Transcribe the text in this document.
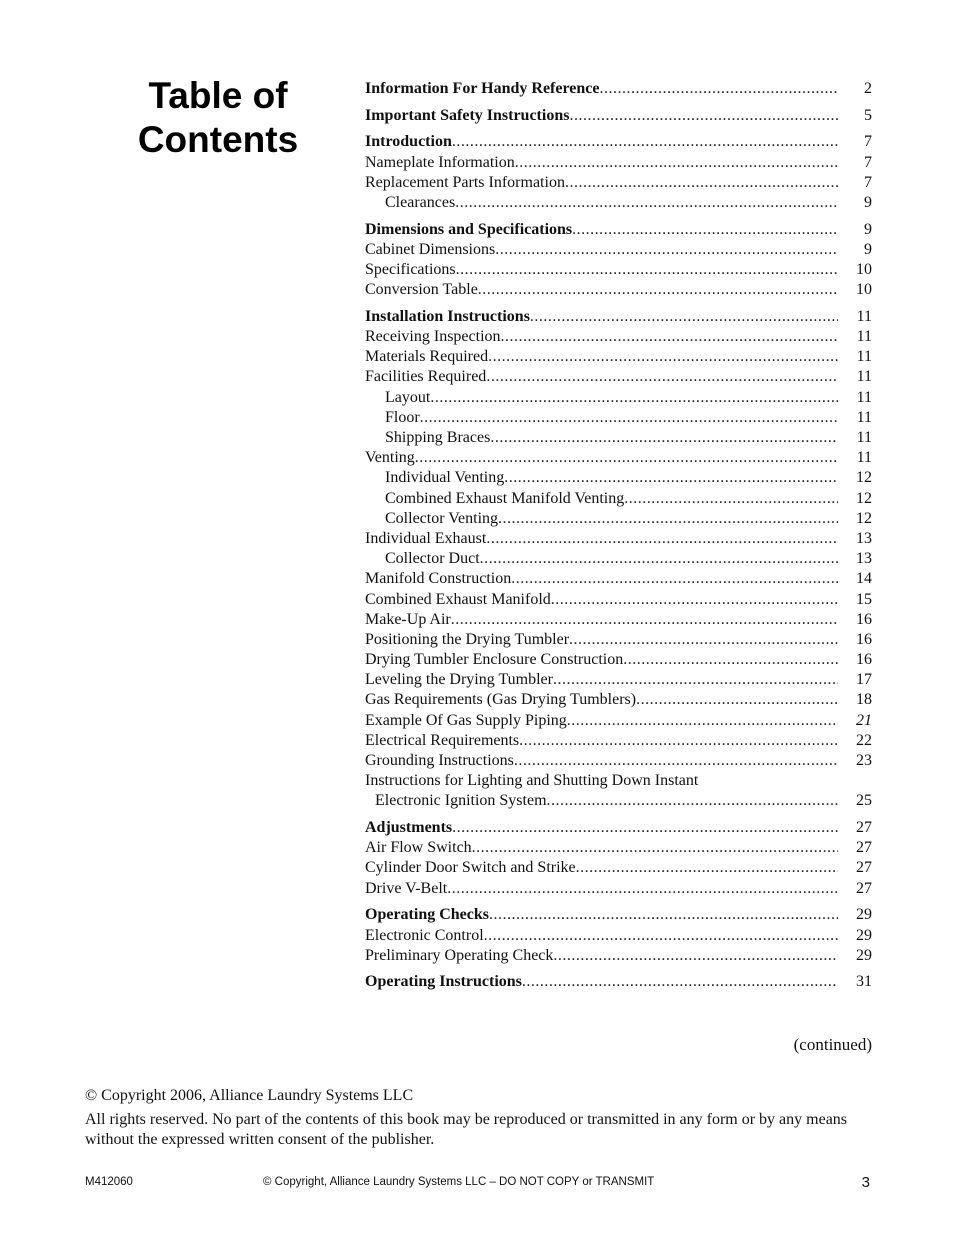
Table of
Contents
Information For Handy Reference .....	2
Important Safety Instructions .....	5
Introduction .....	7
Nameplate Information .....	7
Replacement Parts Information .....	7
Clearances .....	9
Dimensions and Specifications .....	9
Cabinet Dimensions .....	9
Specifications .....	10
Conversion Table .....	10
Installation Instructions .....	11
Receiving Inspection .....	11
Materials Required .....	11
Facilities Required .....	11
Layout .....	11
Floor .....	11
Shipping Braces .....	11
Venting .....	11
Individual Venting .....	12
Combined Exhaust Manifold Venting .....	12
Collector Venting .....	12
Individual Exhaust .....	13
Collector Duct .....	13
Manifold Construction .....	14
Combined Exhaust Manifold .....	15
Make-Up Air .....	16
Positioning the Drying Tumbler .....	16
Drying Tumbler Enclosure Construction .....	16
Leveling the Drying Tumbler .....	17
Gas Requirements (Gas Drying Tumblers) .....	18
Example Of Gas Supply Piping .....	21
Electrical Requirements .....	22
Grounding Instructions .....	23
Instructions for Lighting and Shutting Down Instant
Electronic Ignition System .....	25
Adjustments .....	27
Air Flow Switch .....	27
Cylinder Door Switch and Strike .....	27
Drive V-Belt .....	27
Operating Checks .....	29
Electronic Control .....	29
Preliminary Operating Check .....	29
Operating Instructions .....	31
(continued)
© Copyright 2006, Alliance Laundry Systems LLC
All rights reserved. No part of the contents of this book may be reproduced or transmitted in any form or by any means without the expressed written consent of the publisher.
M412060	© Copyright, Alliance Laundry Systems LLC – DO NOT COPY or TRANSMIT	3
